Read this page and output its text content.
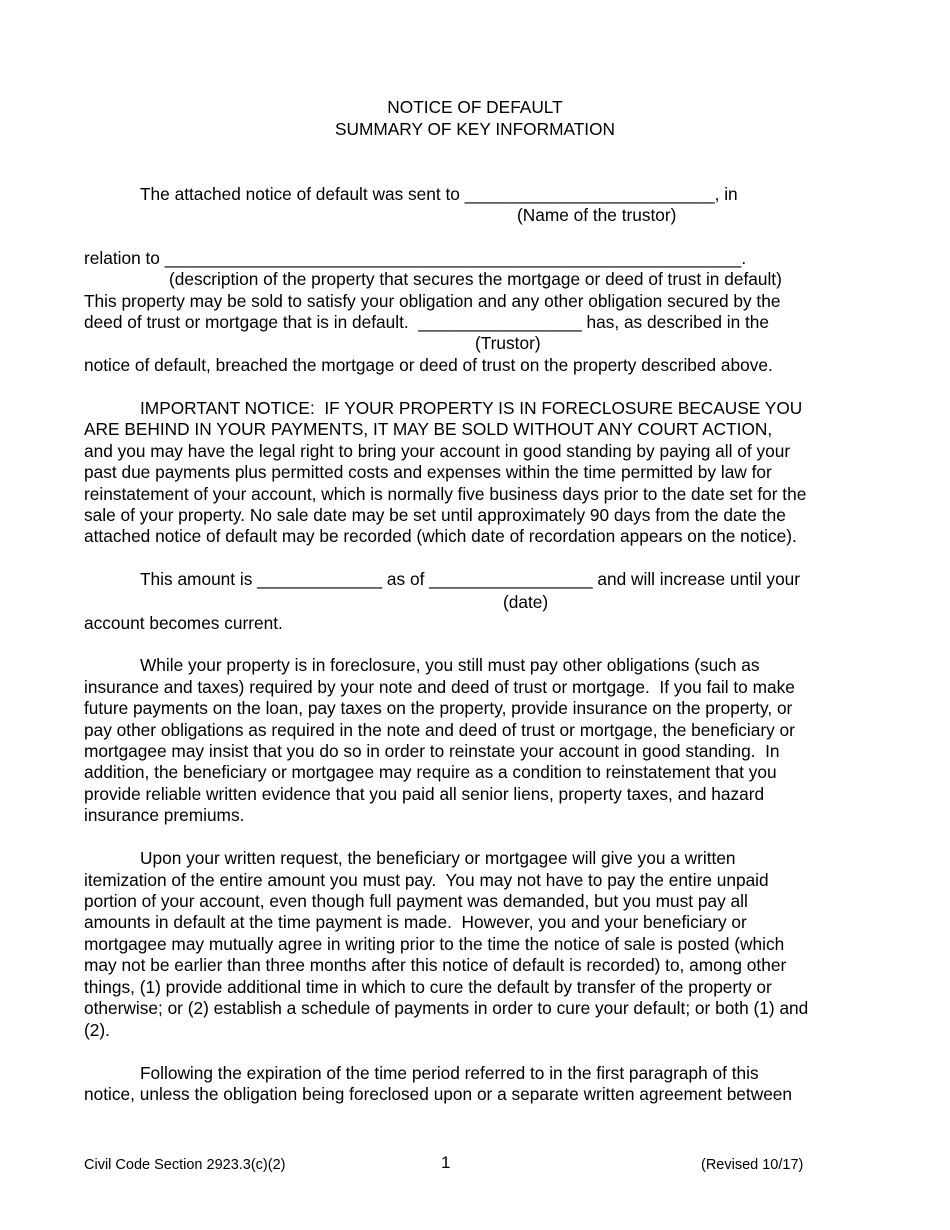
NOTICE OF DEFAULT
SUMMARY OF KEY INFORMATION
The attached notice of default was sent to __________________________, in
(Name of the trustor)
relation to ____________________________________________________________.
(description of the property that secures the mortgage or deed of trust in default)
This property may be sold to satisfy your obligation and any other obligation secured by the
deed of trust or mortgage that is in default.  _________________ has, as described in the
(Trustor)
notice of default, breached the mortgage or deed of trust on the property described above.
IMPORTANT NOTICE:  IF YOUR PROPERTY IS IN FORECLOSURE BECAUSE YOU
ARE BEHIND IN YOUR PAYMENTS, IT MAY BE SOLD WITHOUT ANY COURT ACTION,
and you may have the legal right to bring your account in good standing by paying all of your
past due payments plus permitted costs and expenses within the time permitted by law for
reinstatement of your account, which is normally five business days prior to the date set for the
sale of your property. No sale date may be set until approximately 90 days from the date the
attached notice of default may be recorded (which date of recordation appears on the notice).
This amount is _____________ as of _________________ and will increase until your
(date)
account becomes current.
While your property is in foreclosure, you still must pay other obligations (such as
insurance and taxes) required by your note and deed of trust or mortgage.  If you fail to make
future payments on the loan, pay taxes on the property, provide insurance on the property, or
pay other obligations as required in the note and deed of trust or mortgage, the beneficiary or
mortgagee may insist that you do so in order to reinstate your account in good standing.  In
addition, the beneficiary or mortgagee may require as a condition to reinstatement that you
provide reliable written evidence that you paid all senior liens, property taxes, and hazard
insurance premiums.
Upon your written request, the beneficiary or mortgagee will give you a written
itemization of the entire amount you must pay.  You may not have to pay the entire unpaid
portion of your account, even though full payment was demanded, but you must pay all
amounts in default at the time payment is made.  However, you and your beneficiary or
mortgagee may mutually agree in writing prior to the time the notice of sale is posted (which
may not be earlier than three months after this notice of default is recorded) to, among other
things, (1) provide additional time in which to cure the default by transfer of the property or
otherwise; or (2) establish a schedule of payments in order to cure your default; or both (1) and
(2).
Following the expiration of the time period referred to in the first paragraph of this
notice, unless the obligation being foreclosed upon or a separate written agreement between
Civil Code Section 2923.3(c)(2)	1	(Revised 10/17)
